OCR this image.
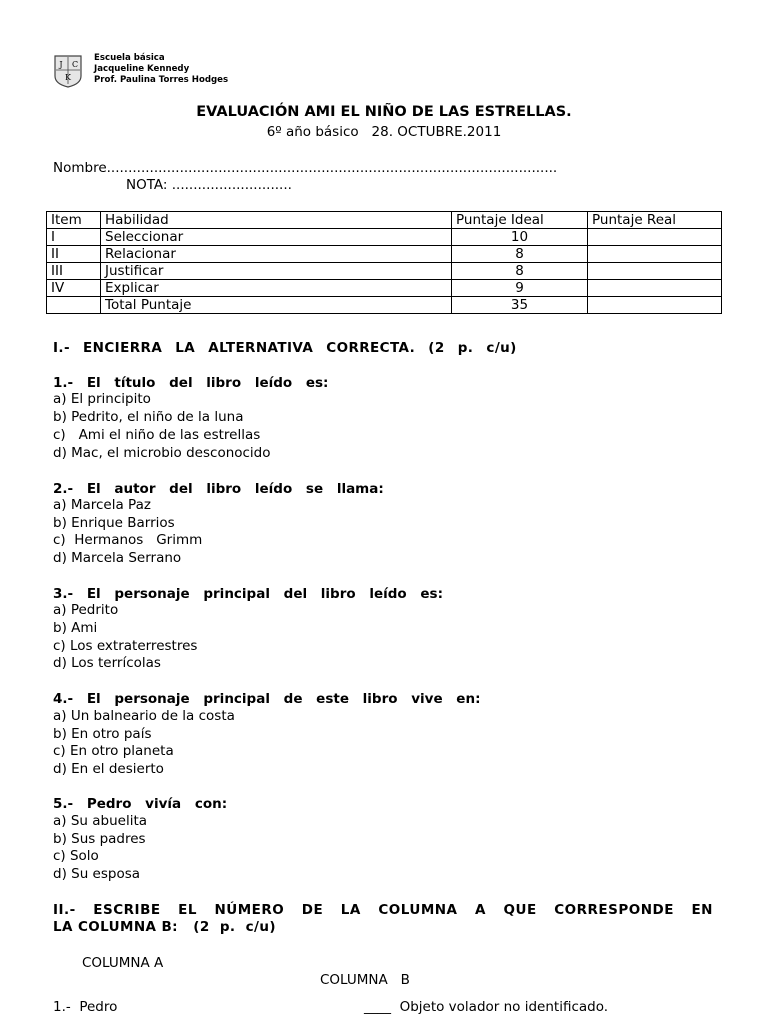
J C
K
Escuela básica
Jacqueline Kennedy
Prof. Paulina Torres Hodges
EVALUACIÓN AMI EL NIÑO DE LAS ESTRELLAS.
6º año básico   28. OCTUBRE.2011
Nombre.........................................................................................................
NOTA: ............................
Item	Habilidad	Puntaje Ideal	Puntaje Real
I	Seleccionar	10	
II	Relacionar	8	
III	Justificar	8	
IV	Explicar	9	
	Total Puntaje	35	
I.- ENCIERRA LA ALTERNATIVA CORRECTA. (2 p. c/u)
1.- El título del libro leído es:
a) El principito
b) Pedrito, el niño de la luna
c)   Ami el niño de las estrellas
d) Mac, el microbio desconocido
2.- El autor del libro leído se llama:
a) Marcela Paz
b) Enrique Barrios
c)  Hermanos   Grimm
d) Marcela Serrano
3.- El personaje principal del libro leído es:
a) Pedrito
b) Ami
c) Los extraterrestres
d) Los terrícolas
4.- El personaje principal de este libro vive en:
a) Un balneario de la costa
b) En otro país
c) En otro planeta
d) En el desierto
5.- Pedro vivía con:
a) Su abuelita
b) Sus padres
c) Solo
d) Su esposa
II.- ESCRIBE EL NÚMERO DE LA COLUMNA A QUE CORRESPONDE EN
LA COLUMNA B:   (2  p.  c/u)
COLUMNA A
COLUMNA   B
1.-  Pedro	____  Objeto volador no identificado.
